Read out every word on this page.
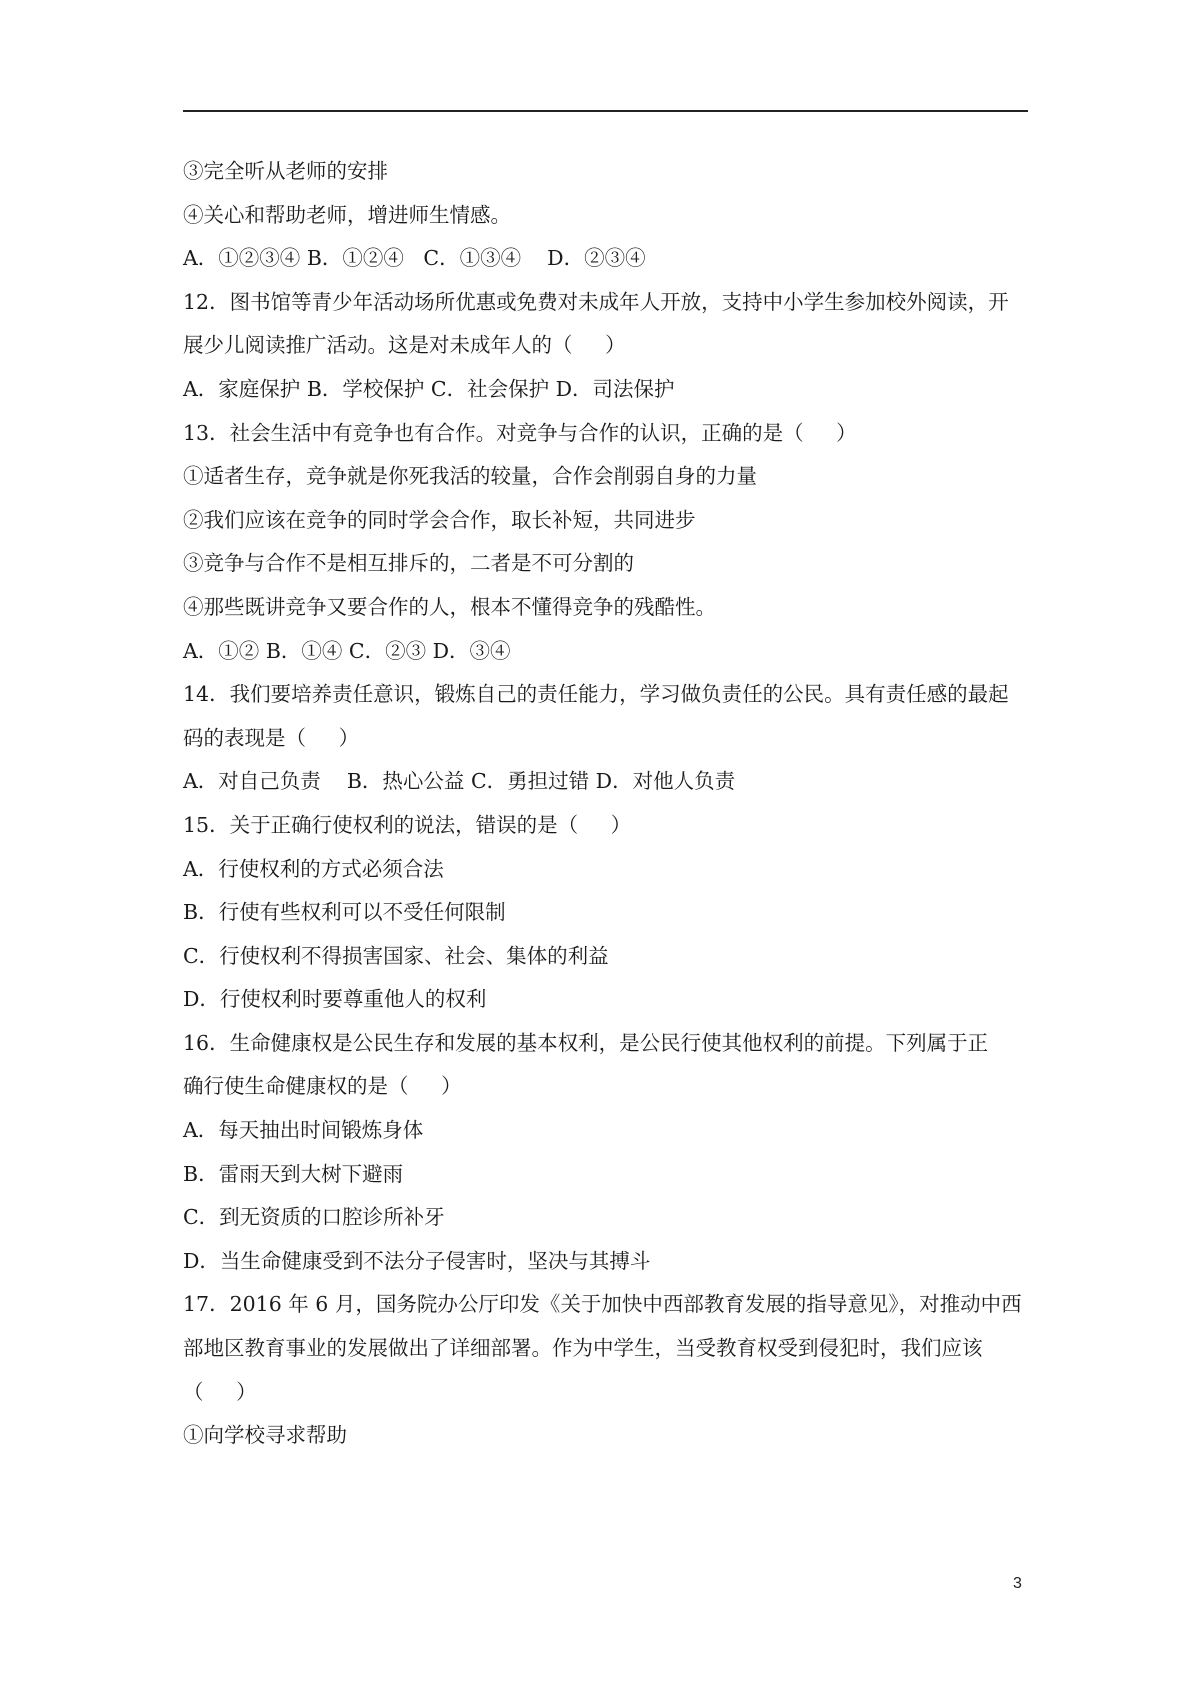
③完全听从老师的安排
④关心和帮助老师，增进师生情感。
A．①②③④ B．①②④   C．①③④    D．②③④
12．图书馆等青少年活动场所优惠或免费对未成年人开放，支持中小学生参加校外阅读，开
展少儿阅读推广活动。这是对未成年人的（     ）
A．家庭保护 B．学校保护 C．社会保护 D．司法保护
13．社会生活中有竞争也有合作。对竞争与合作的认识，正确的是（     ）
①适者生存，竞争就是你死我活的较量，合作会削弱自身的力量
②我们应该在竞争的同时学会合作，取长补短，共同进步
③竞争与合作不是相互排斥的，二者是不可分割的
④那些既讲竞争又要合作的人，根本不懂得竞争的残酷性。
A．①② B．①④ C．②③ D．③④
14．我们要培养责任意识，锻炼自己的责任能力，学习做负责任的公民。具有责任感的最起
码的表现是（     ）
A．对自己负责    B．热心公益 C．勇担过错 D．对他人负责
15．关于正确行使权利的说法，错误的是（     ）
A．行使权利的方式必须合法
B．行使有些权利可以不受任何限制
C．行使权利不得损害国家、社会、集体的利益
D．行使权利时要尊重他人的权利
16．生命健康权是公民生存和发展的基本权利，是公民行使其他权利的前提。下列属于正
确行使生命健康权的是（     ）
A．每天抽出时间锻炼身体
B．雷雨天到大树下避雨
C．到无资质的口腔诊所补牙
D．当生命健康受到不法分子侵害时，坚决与其搏斗
17．2016 年 6 月，国务院办公厅印发《关于加快中西部教育发展的指导意见》，对推动中西
部地区教育事业的发展做出了详细部署。作为中学生，当受教育权受到侵犯时，我们应该
（     ）
①向学校寻求帮助
3
